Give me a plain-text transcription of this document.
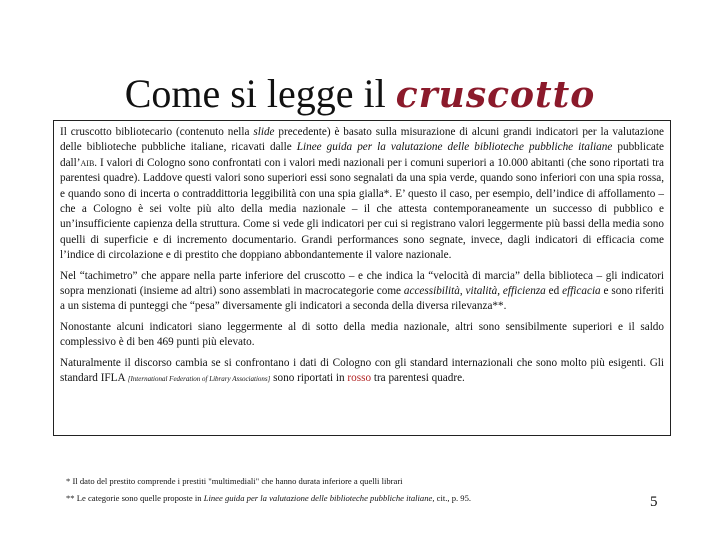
Come si legge il cruscotto

Il cruscotto bibliotecario (contenuto nella slide precedente) è basato sulla misurazione di alcuni grandi indicatori per la valutazione delle biblioteche pubbliche italiane, ricavati dalle Linee guida per la valutazione delle biblioteche pubbliche italiane pubblicate dall’AIB. I valori di Cologno sono confrontati con i valori medi nazionali per i comuni superiori a 10.000 abitanti (che sono riportati tra parentesi quadre). Laddove questi valori sono superiori essi sono segnalati da una spia verde, quando sono inferiori con una spia rossa, e quando sono di incerta o contraddittoria leggibilità con una spia gialla*. E’ questo il caso, per esempio, dell’indice di affollamento – che a Cologno è sei volte più alto della media nazionale – il che attesta contemporaneamente un successo di pubblico e un’insufficiente capienza della struttura. Come si vede gli indicatori per cui si registrano valori leggermente più bassi della media sono quelli di superficie e di incremento documentario. Grandi performances sono segnate, invece, dagli indicatori di efficacia come l’indice di circolazione e di prestito che doppiano abbondantemente il valore nazionale.

Nel “tachimetro” che appare nella parte inferiore del cruscotto – e che indica la “velocità di marcia” della biblioteca – gli indicatori sopra menzionati (insieme ad altri) sono assemblati in macrocategorie come accessibilità, vitalità, efficienza ed efficacia e sono riferiti a un sistema di punteggi che “pesa” diversamente gli indicatori a seconda della diversa rilevanza**.

Nonostante alcuni indicatori siano leggermente al di sotto della media nazionale, altri sono sensibilmente superiori e il saldo complessivo è di ben 469 punti più elevato.

Naturalmente il discorso cambia se si confrontano i dati di Cologno con gli standard internazionali che sono molto più esigenti. Gli standard IFLA [International Federation of Library Associations] sono riportati in rosso tra parentesi quadre.

* Il dato del prestito comprende i prestiti "multimediali" che hanno durata inferiore a quelli librari
** Le categorie sono quelle proposte in Linee guida per la valutazione delle biblioteche pubbliche italiane, cit., p. 95.	5
